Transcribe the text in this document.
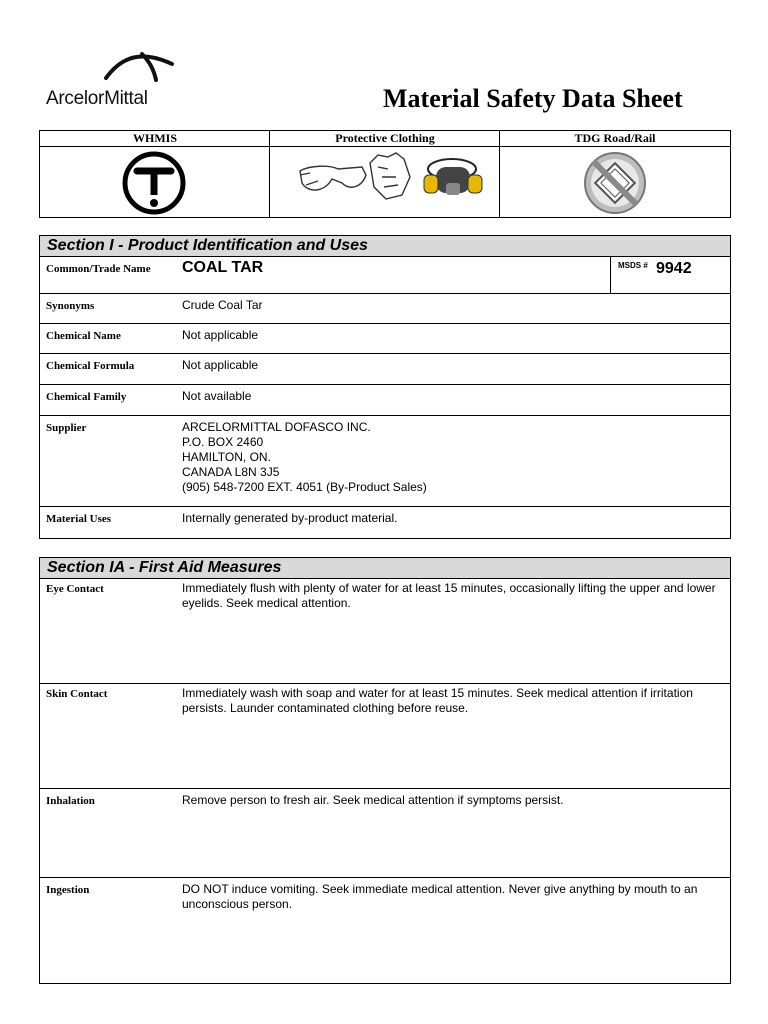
ArcelorMittal	Material Safety Data Sheet
WHMIS	Protective Clothing	TDG Road/Rail
Section I - Product Identification and Uses
Common/Trade Name COAL TAR	MSDS # 9942
Synonyms	Crude Coal Tar
Chemical Name	Not applicable
Chemical Formula	Not applicable
Chemical Family	Not available
Supplier	ARCELORMITTAL DOFASCO INC.
P.O. BOX 2460
HAMILTON, ON.
CANADA L8N 3J5
(905) 548-7200 EXT. 4051 (By-Product Sales)
Material Uses	Internally generated by-product material.
Section IA - First Aid Measures
Eye Contact	Immediately flush with plenty of water for at least 15 minutes, occasionally lifting the upper and lower eyelids. Seek medical attention.
Skin Contact	Immediately wash with soap and water for at least 15 minutes. Seek medical attention if irritation persists. Launder contaminated clothing before reuse.
Inhalation	Remove person to fresh air. Seek medical attention if symptoms persist.
Ingestion	DO NOT induce vomiting. Seek immediate medical attention. Never give anything by mouth to an unconscious person.
